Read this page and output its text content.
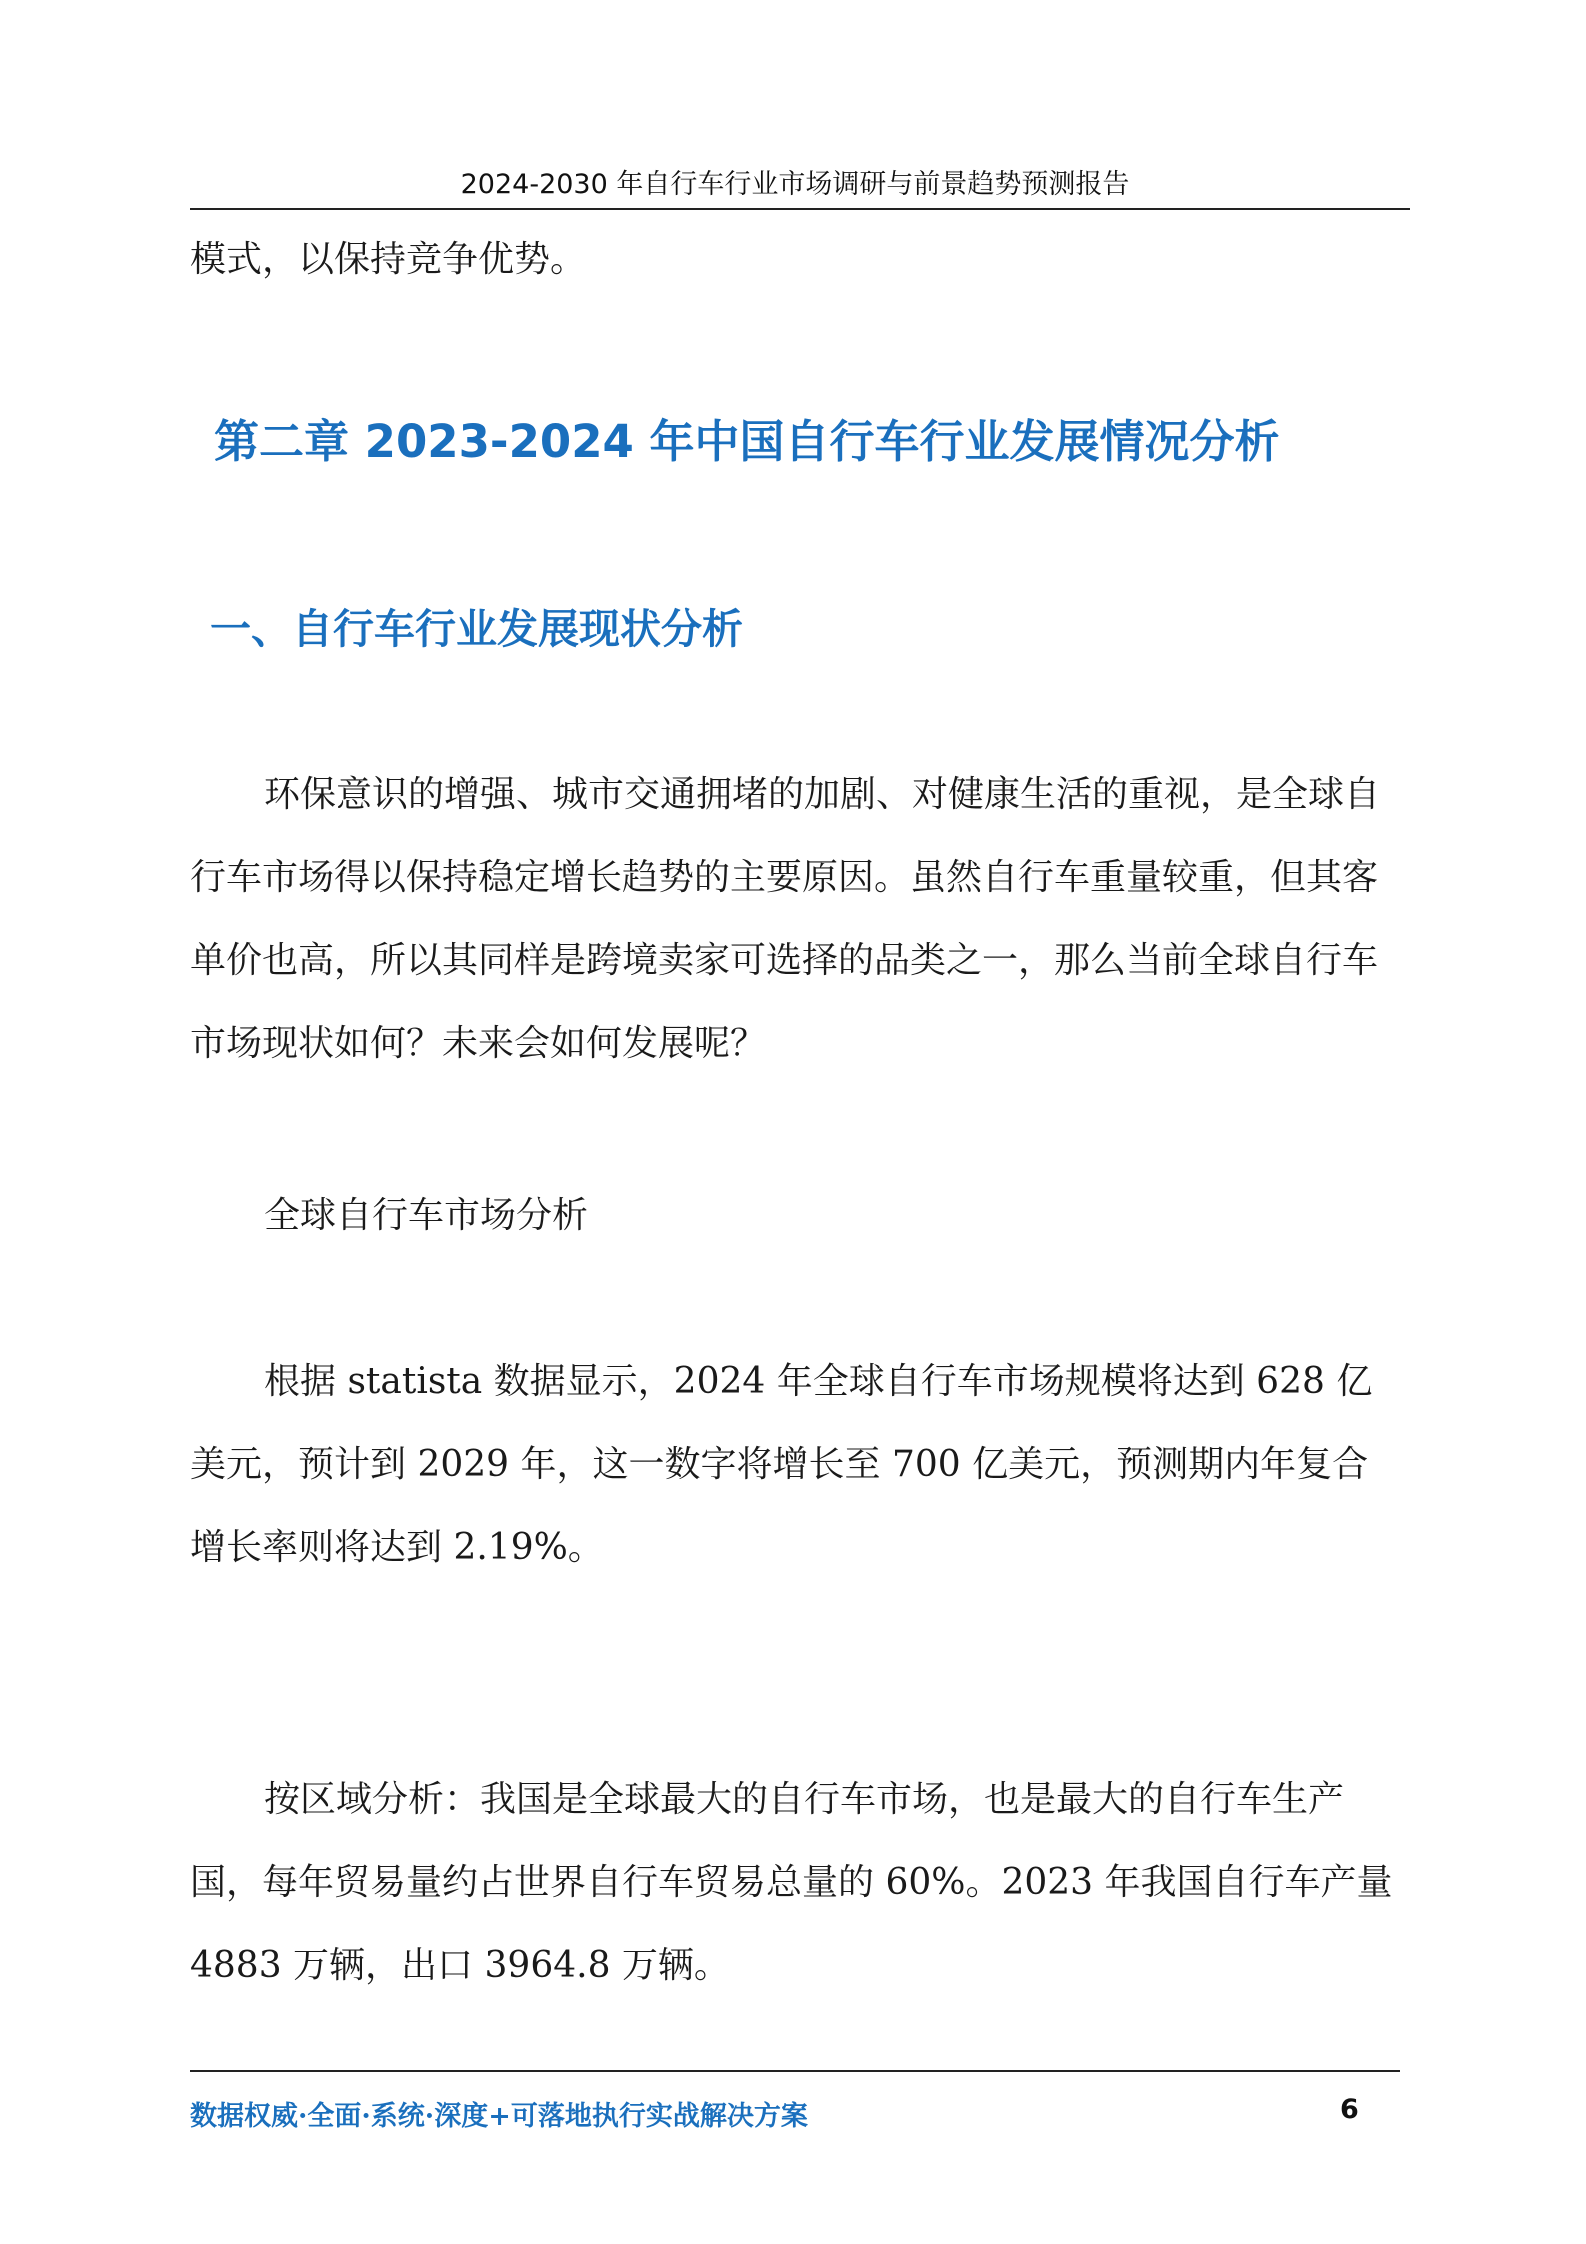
2024-2030 年自行车行业市场调研与前景趋势预测报告
模式，以保持竞争优势。
第二章 2023-2024 年中国自行车行业发展情况分析
一、自行车行业发展现状分析
环保意识的增强、城市交通拥堵的加剧、对健康生活的重视，是全球自行车市场得以保持稳定增长趋势的主要原因。虽然自行车重量较重，但其客单价也高，所以其同样是跨境卖家可选择的品类之一，那么当前全球自行车市场现状如何？未来会如何发展呢？
全球自行车市场分析
根据 statista 数据显示，2024 年全球自行车市场规模将达到 628 亿美元，预计到 2029 年，这一数字将增长至 700 亿美元，预测期内年复合增长率则将达到 2.19%。
按区域分析：我国是全球最大的自行车市场，也是最大的自行车生产国，每年贸易量约占世界自行车贸易总量的 60%。2023 年我国自行车产量 4883 万辆，出口 3964.8 万辆。
数据权威·全面·系统·深度+可落地执行实战解决方案	6
